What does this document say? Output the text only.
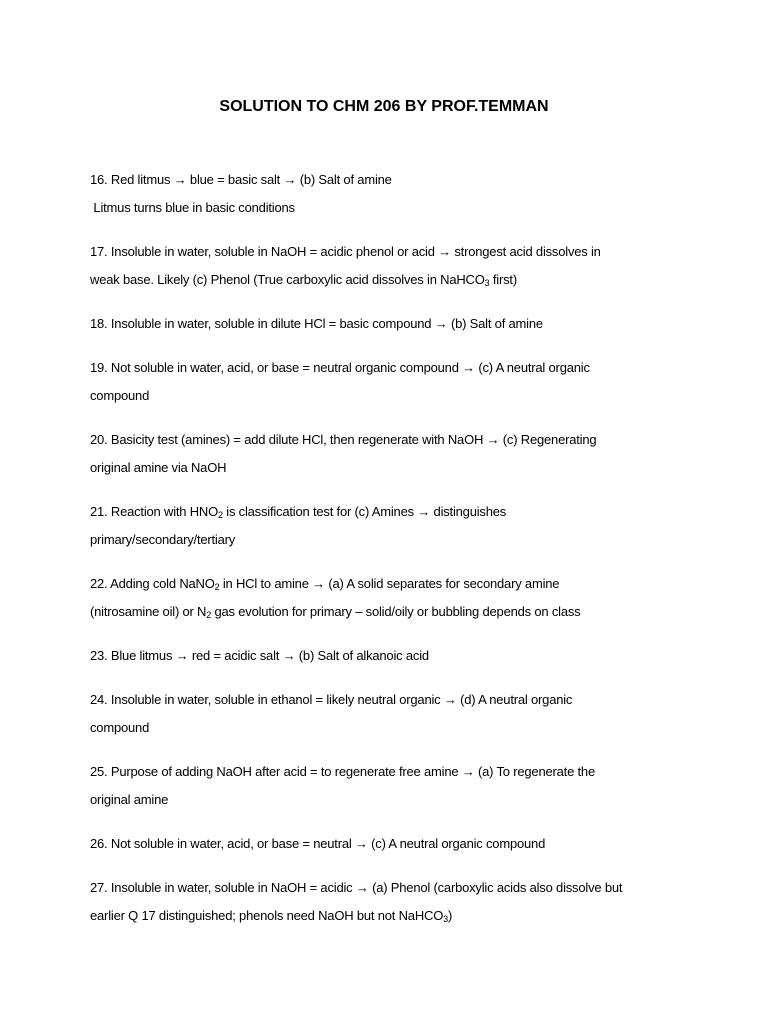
SOLUTION TO CHM 206 BY PROF.TEMMAN
16. Red litmus → blue = basic salt → (b) Salt of amine
Litmus turns blue in basic conditions
17. Insoluble in water, soluble in NaOH = acidic phenol or acid → strongest acid dissolves in
weak base. Likely (c) Phenol (True carboxylic acid dissolves in NaHCO$_3$ first)
18. Insoluble in water, soluble in dilute HCl = basic compound → (b) Salt of amine
19. Not soluble in water, acid, or base = neutral organic compound → (c) A neutral organic
compound
20. Basicity test (amines) = add dilute HCl, then regenerate with NaOH → (c) Regenerating
original amine via NaOH
21. Reaction with $HNO_2$ is classification test for (c) Amines → distinguishes
primary/secondary/tertiary
22. Adding cold NaNO$_2$ in HCl to amine → (a) A solid separates for secondary amine
(nitrosamine oil) or $N_2$ gas evolution for primary – solid/oily or bubbling depends on class
23. Blue litmus → red = acidic salt → (b) Salt of alkanoic acid
24. Insoluble in water, soluble in ethanol = likely neutral organic → (d) A neutral organic
compound
25. Purpose of adding NaOH after acid = to regenerate free amine → (a) To regenerate the
original amine
26. Not soluble in water, acid, or base = neutral → (c) A neutral organic compound
27. Insoluble in water, soluble in NaOH = acidic → (a) Phenol (carboxylic acids also dissolve but
earlier Q 17 distinguished; phenols need NaOH but not NaHCO$_3$)
